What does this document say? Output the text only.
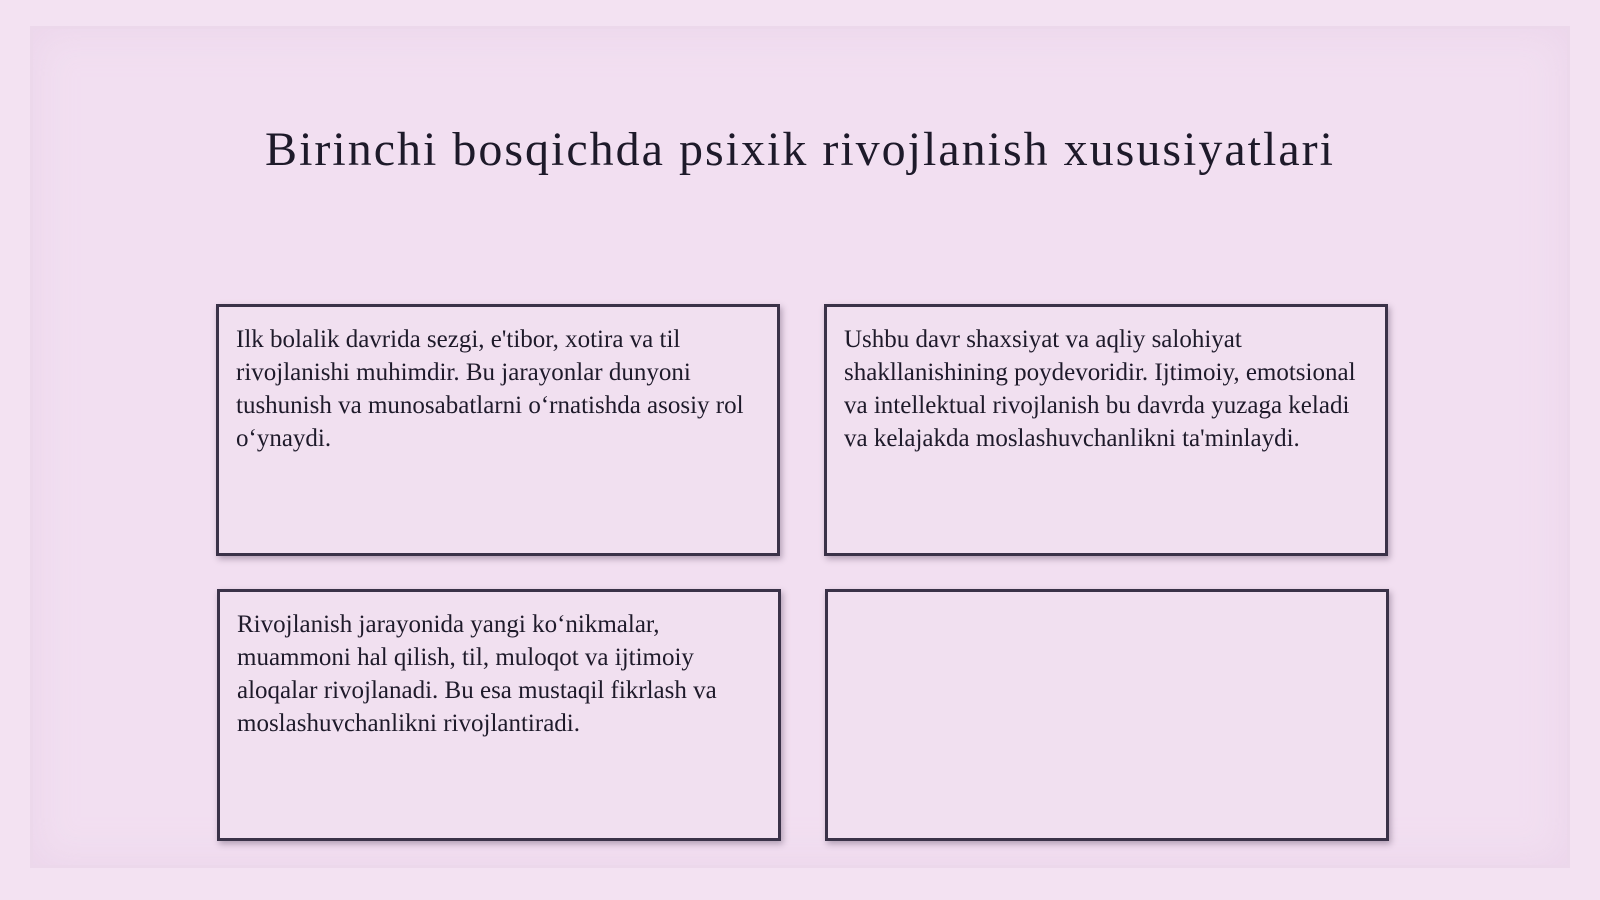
Birinchi bosqichda psixik rivojlanish xususiyatlari

Ilk bolalik davrida sezgi, e'tibor, xotira va til rivojlanishi muhimdir. Bu jarayonlar dunyoni tushunish va munosabatlarni o‘rnatishda asosiy rol o‘ynaydi.

Ushbu davr shaxsiyat va aqliy salohiyat shakllanishining poydevoridir. Ijtimoiy, emotsional va intellektual rivojlanish bu davrda yuzaga keladi va kelajakda moslashuvchanlikni ta'minlaydi.

Rivojlanish jarayonida yangi ko‘nikmalar, muammoni hal qilish, til, muloqot va ijtimoiy aloqalar rivojlanadi. Bu esa mustaqil fikrlash va moslashuvchanlikni rivojlantiradi.
